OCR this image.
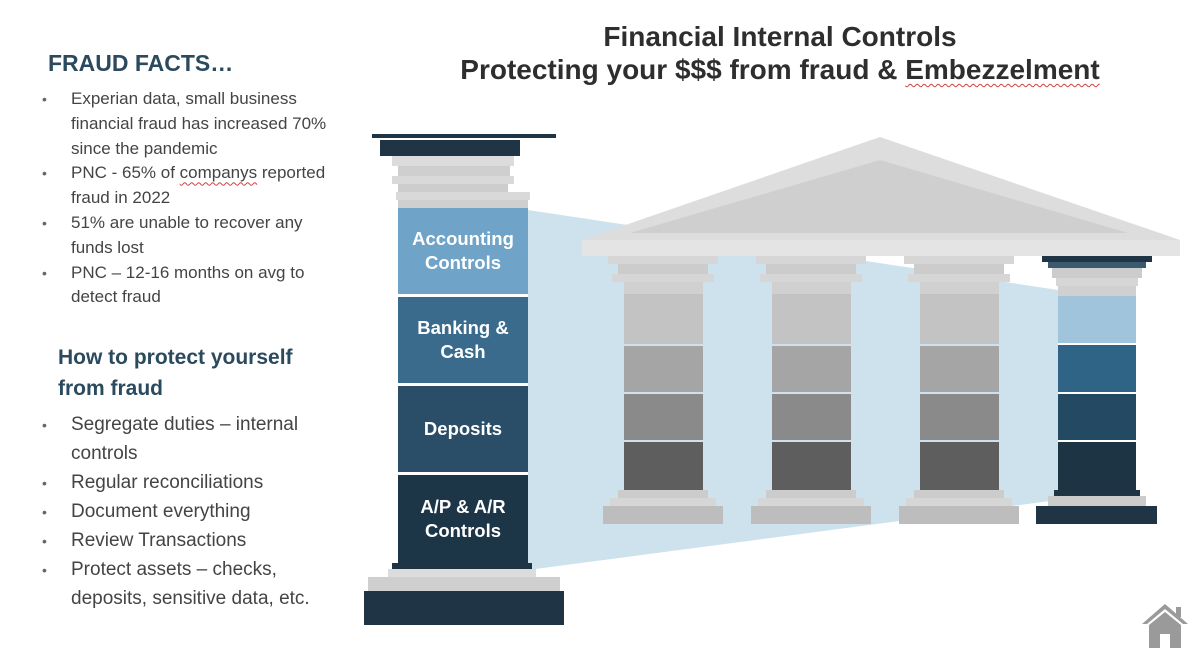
Financial Internal Controls
Protecting your $$$ from fraud & Embezzelment
FRAUD FACTS…
• Experian data, small business financial fraud has increased 70% since the pandemic
• PNC - 65% of companys reported fraud in 2022
• 51% are unable to recover any funds lost
• PNC – 12-16 months on avg to detect fraud
How to protect yourself from fraud
• Segregate duties – internal controls
• Regular reconciliations
• Document everything
• Review Transactions
• Protect assets – checks, deposits, sensitive data, etc.
Accounting
Controls
Banking &
Cash
Deposits
A/P & A/R
Controls
